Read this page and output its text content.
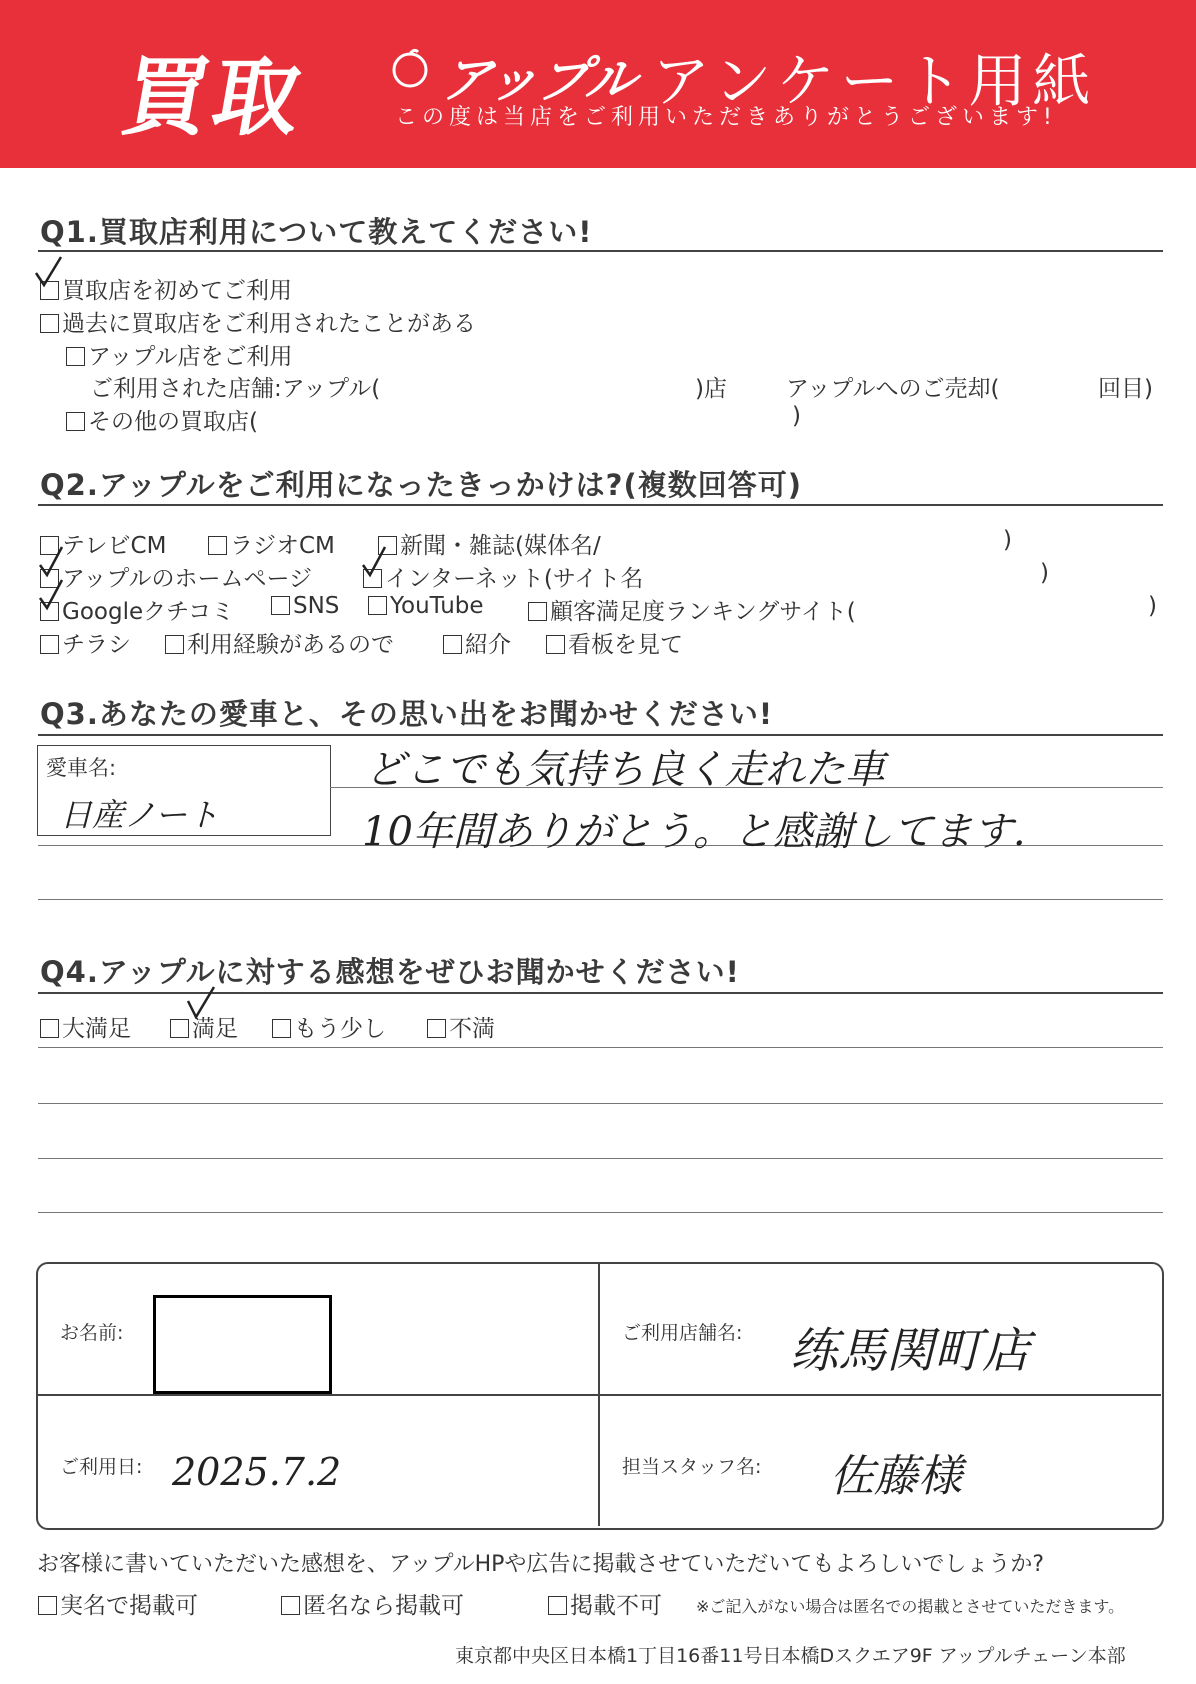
買取 アップル アンケート用紙
この度は当店をご利用いただきありがとうございます!
Q1.買取店利用について教えてください!
買取店を初めてご利用
過去に買取店をご利用されたことがある
アップル店をご利用
ご利用された店舗:アップル(	)店	アップルへのご売却(	回目)
その他の買取店(	)
Q2.アップルをご利用になったきっかけは?(複数回答可)
テレビCM	ラジオCM	新聞・雑誌(媒体名/	)
アップルのホームページ	インターネット(サイト名	)
Googleクチコミ	SNS	YouTube	顧客満足度ランキングサイト(	)
チラシ	利用経験があるので	紹介	看板を見て
Q3.あなたの愛車と、その思い出をお聞かせください!
愛車名:
日産ノート
どこでも気持ち良く走れた車
10年間ありがとう。と感謝してます.
Q4.アップルに対する感想をぜひお聞かせください!
大満足	満足	もう少し	不満
お名前:	ご利用店舗名: 练馬関町店
ご利用日: 2025.7.2	担当スタッフ名: 佐藤様
お客様に書いていただいた感想を、アップルHPや広告に掲載させていただいてもよろしいでしょうか?
実名で掲載可	匿名なら掲載可	掲載不可 ※ご記入がない場合は匿名での掲載とさせていただきます。
東京都中央区日本橋1丁目16番11号日本橋Dスクエア9F アップルチェーン本部
